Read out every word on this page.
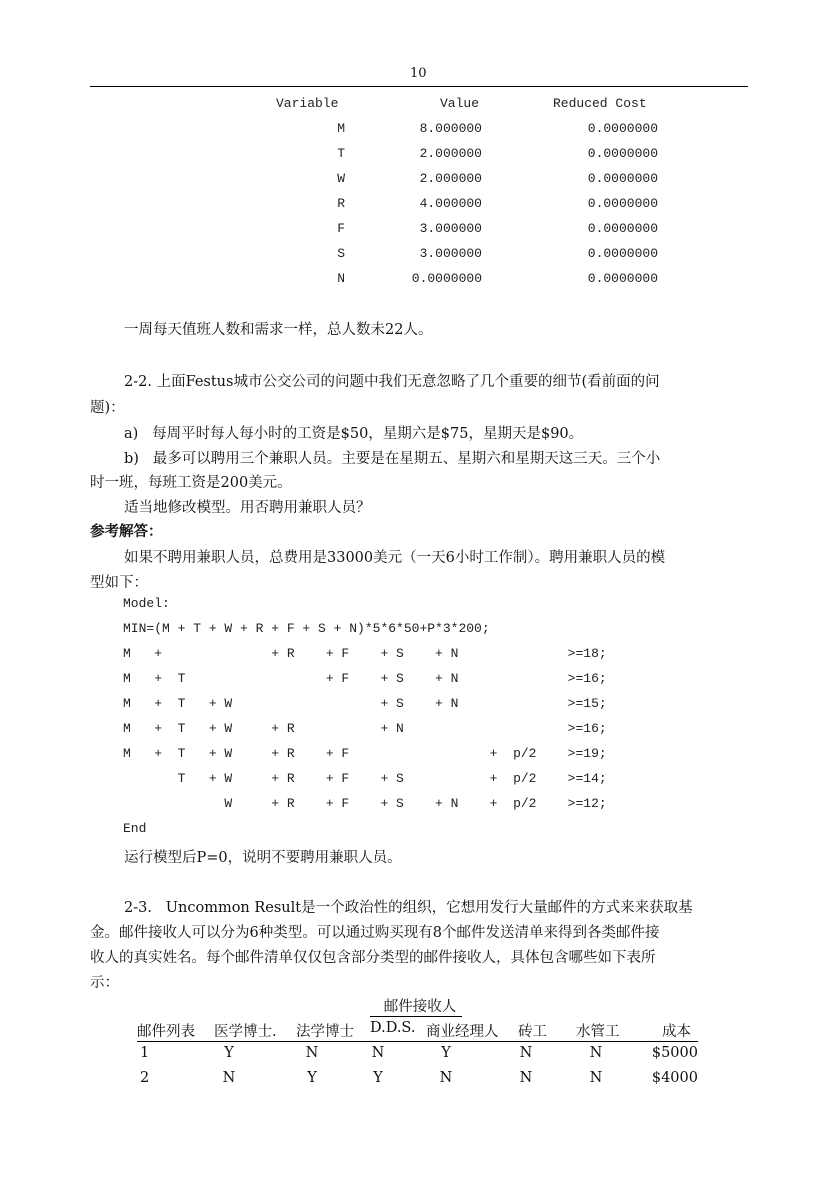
10
Variable	Value	Reduced Cost
M	8.000000	0.0000000
T	2.000000	0.0000000
W	2.000000	0.0000000
R	4.000000	0.0000000
F	3.000000	0.0000000
S	3.000000	0.0000000
N	0.0000000	0.0000000
一周每天值班人数和需求一样，总人数未22人。
2-2. 上面Festus城市公交公司的问题中我们无意忽略了几个重要的细节(看前面的问
题)：
a)   每周平时每人每小时的工资是$50，星期六是$75，星期天是$90。
b)   最多可以聘用三个兼职人员。主要是在星期五、星期六和星期天这三天。三个小
时一班，每班工资是200美元。
适当地修改模型。用否聘用兼职人员？
参考解答：
如果不聘用兼职人员，总费用是33000美元（一天6小时工作制）。聘用兼职人员的模
型如下：
Model:
MIN=(M + T + W + R + F + S + N)*5*6*50+P*3*200;
M   +              + R    + F    + S    + N              >=18;
M   +  T                  + F    + S    + N              >=16;
M   +  T   + W                   + S    + N              >=15;
M   +  T   + W     + R           + N                     >=16;
M   +  T   + W     + R    + F                  +  p/2    >=19;
T   + W     + R    + F    + S           +  p/2    >=14;
W     + R    + F    + S    + N    +  p/2    >=12;
End
运行模型后P=0，说明不要聘用兼职人员。
2-3.   Uncommon Result是一个政治性的组织，它想用发行大量邮件的方式来来获取基
金。邮件接收人可以分为6种类型。可以通过购买现有8个邮件发送清单来得到各类邮件接
收人的真实姓名。每个邮件清单仅仅包含部分类型的邮件接收人，具体包含哪些如下表所
示：
邮件接收人
邮件列表 医学博士. 法学博士 D.D.S. 商业经理人 砖工 水管工	成本
1	Y	N	N	Y	N	N	$5000
2	N	Y	Y	N	N	N	$4000
